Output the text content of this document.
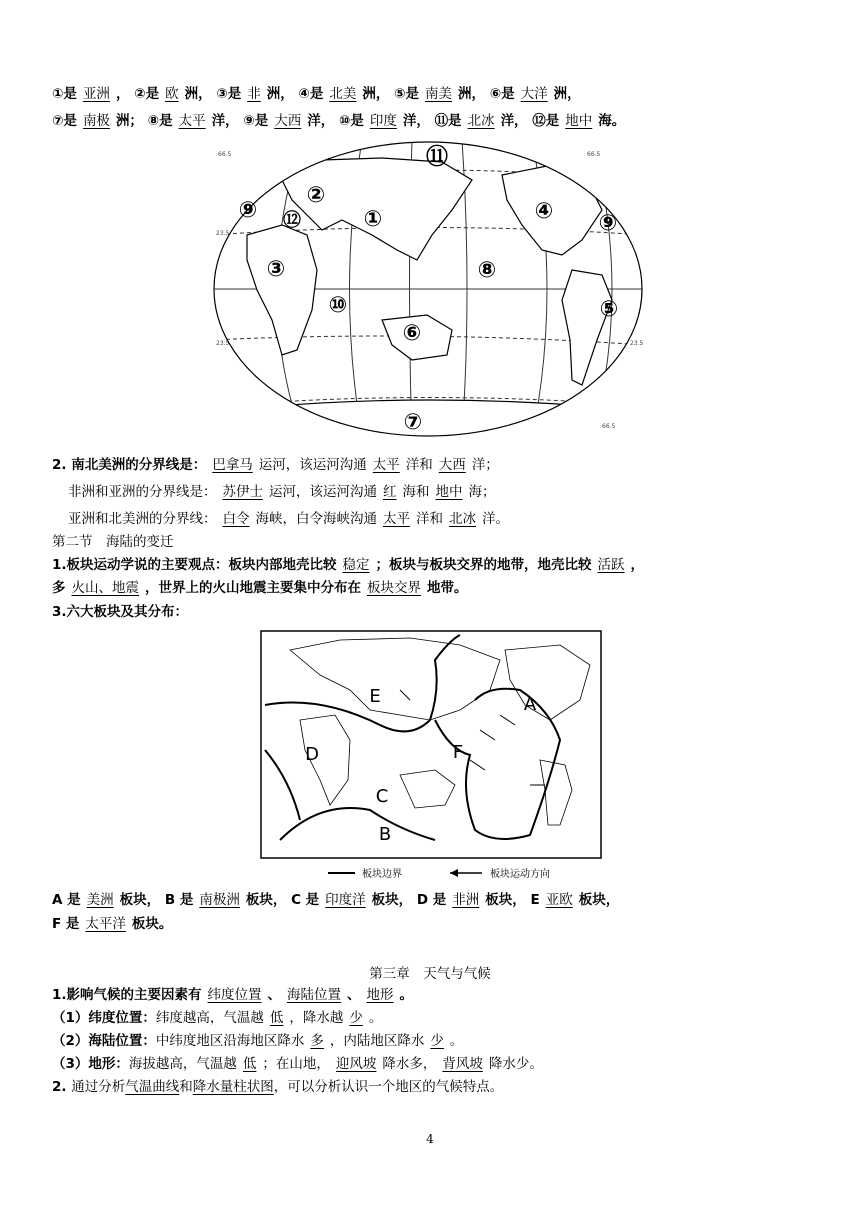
①是 亚洲 ， ②是 欧 洲， ③是 非 洲， ④是 北美 洲， ⑤是 南美 洲， ⑥是 大洋 洲，
⑦是 南极 洲； ⑧是 太平 洋， ⑨是 大西 洋， ⑩是 印度 洋， ⑪是 北冰 洋， ⑫是 地中 海。
66.5
23.5
23.5
66.5
23.5
66.5
①
②
③
④
⑤
⑥
⑦
⑧
⑨
⑨
⑩
⑪
⑫
2. 南北美洲的分界线是： 巴拿马 运河，该运河沟通 太平 洋和 大西 洋；
非洲和亚洲的分界线是： 苏伊士 运河，该运河沟通 红 海和 地中 海；
亚洲和北美洲的分界线： 白令 海峡，白令海峡沟通 太平 洋和 北冰 洋。
第二节　海陆的变迁
1.板块运动学说的主要观点：板块内部地壳比较 稳定 ；板块与板块交界的地带，地壳比较 活跃 ，
多 火山、地震 ，世界上的火山地震主要集中分布在 板块交界 地带。
3.六大板块及其分布：
A
B
C
D
E
F
板块边界	板块运动方向
A 是 美洲 板块， B 是 南极洲 板块， C 是 印度洋 板块， D 是 非洲 板块， E 亚欧 板块，
F 是 太平洋 板块。
第三章　天气与气候
1.影响气候的主要因素有 纬度位置 、 海陆位置 、 地形 。
（1）纬度位置：纬度越高，气温越 低 ，降水越 少 。
（2）海陆位置：中纬度地区沿海地区降水 多 ，内陆地区降水 少 。
（3）地形：海拔越高，气温越 低 ；在山地， 迎风坡 降水多， 背风坡 降水少。
2. 通过分析气温曲线和降水量柱状图，可以分析认识一个地区的气候特点。
4
